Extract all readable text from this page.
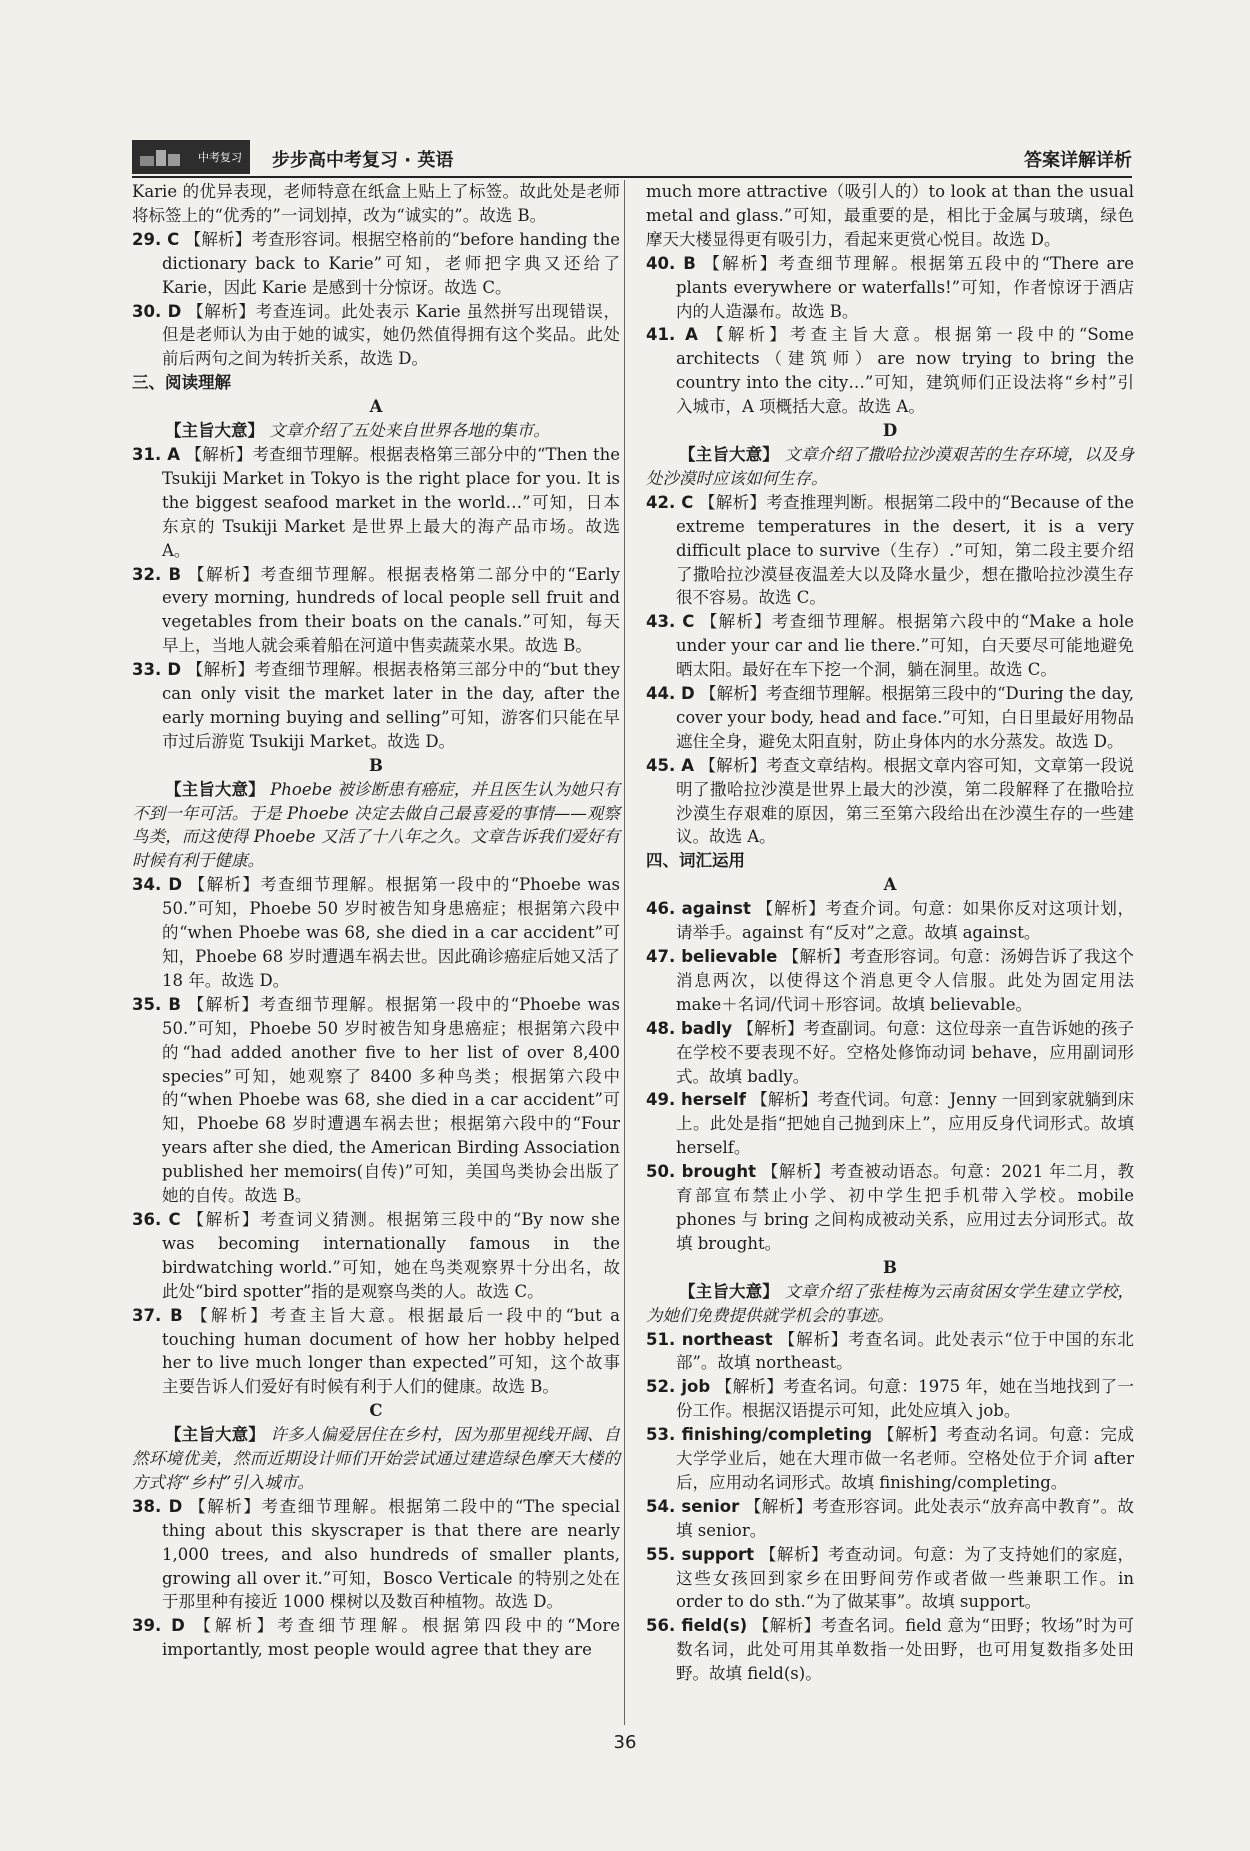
中考复习 步步高中考复习 · 英语	答案详解详析

Karie 的优异表现，老师特意在纸盒上贴上了标签。故此处是老师将标签上的“优秀的”一词划掉，改为“诚实的”。故选 B。

29. C 【解析】考查形容词。根据空格前的“before handing the dictionary back to Karie”可知，老师把字典又还给了 Karie，因此 Karie 是感到十分惊讶。故选 C。

30. D 【解析】考查连词。此处表示 Karie 虽然拼写出现错误，但是老师认为由于她的诚实，她仍然值得拥有这个奖品。此处前后两句之间为转折关系，故选 D。

三、阅读理解

A

【主旨大意】 文章介绍了五处来自世界各地的集市。

31. A 【解析】考查细节理解。根据表格第三部分中的“Then the Tsukiji Market in Tokyo is the right place for you. It is the biggest seafood market in the world…”可知，日本东京的 Tsukiji Market 是世界上最大的海产品市场。故选 A。

32. B 【解析】考查细节理解。根据表格第二部分中的“Early every morning, hundreds of local people sell fruit and vegetables from their boats on the canals.”可知，每天早上，当地人就会乘着船在河道中售卖蔬菜水果。故选 B。

33. D 【解析】考查细节理解。根据表格第三部分中的“but they can only visit the market later in the day, after the early morning buying and selling”可知，游客们只能在早市过后游览 Tsukiji Market。故选 D。

B

【主旨大意】 Phoebe 被诊断患有癌症，并且医生认为她只有不到一年可活。于是 Phoebe 决定去做自己最喜爱的事情——观察鸟类，而这使得 Phoebe 又活了十八年之久。文章告诉我们爱好有时候有利于健康。

34. D 【解析】考查细节理解。根据第一段中的“Phoebe was 50.”可知，Phoebe 50 岁时被告知身患癌症；根据第六段中的“when Phoebe was 68, she died in a car accident”可知，Phoebe 68 岁时遭遇车祸去世。因此确诊癌症后她又活了 18 年。故选 D。

35. B 【解析】考查细节理解。根据第一段中的“Phoebe was 50.”可知，Phoebe 50 岁时被告知身患癌症；根据第六段中的“had added another five to her list of over 8,400 species”可知，她观察了 8400 多种鸟类；根据第六段中的“when Phoebe was 68, she died in a car accident”可知，Phoebe 68 岁时遭遇车祸去世；根据第六段中的“Four years after she died, the American Birding Association published her memoirs(自传)”可知，美国鸟类协会出版了她的自传。故选 B。

36. C 【解析】考查词义猜测。根据第三段中的“By now she was becoming internationally famous in the birdwatching world.”可知，她在鸟类观察界十分出名，故此处“bird spotter”指的是观察鸟类的人。故选 C。

37. B 【解析】考查主旨大意。根据最后一段中的“but a touching human document of how her hobby helped her to live much longer than expected”可知，这个故事主要告诉人们爱好有时候有利于人们的健康。故选 B。

C

【主旨大意】 许多人偏爱居住在乡村，因为那里视线开阔、自然环境优美，然而近期设计师们开始尝试通过建造绿色摩天大楼的方式将“乡村”引入城市。

38. D 【解析】考查细节理解。根据第二段中的“The special thing about this skyscraper is that there are nearly 1,000 trees, and also hundreds of smaller plants, growing all over it.”可知，Bosco Verticale 的特别之处在于那里种有接近 1000 棵树以及数百种植物。故选 D。

39. D 【解析】考查细节理解。根据第四段中的“More importantly, most people would agree that they are

much more attractive（吸引人的）to look at than the usual metal and glass.”可知，最重要的是，相比于金属与玻璃，绿色摩天大楼显得更有吸引力，看起来更赏心悦目。故选 D。

40. B 【解析】考查细节理解。根据第五段中的“There are plants everywhere or waterfalls!”可知，作者惊讶于酒店内的人造瀑布。故选 B。

41. A 【解析】考查主旨大意。根据第一段中的“Some architects（建筑师）are now trying to bring the country into the city…”可知，建筑师们正设法将“乡村”引入城市，A 项概括大意。故选 A。

D

【主旨大意】 文章介绍了撒哈拉沙漠艰苦的生存环境，以及身处沙漠时应该如何生存。

42. C 【解析】考查推理判断。根据第二段中的“Because of the extreme temperatures in the desert, it is a very difficult place to survive（生存）.”可知，第二段主要介绍了撒哈拉沙漠昼夜温差大以及降水量少，想在撒哈拉沙漠生存很不容易。故选 C。

43. C 【解析】考查细节理解。根据第六段中的“Make a hole under your car and lie there.”可知，白天要尽可能地避免晒太阳。最好在车下挖一个洞，躺在洞里。故选 C。

44. D 【解析】考查细节理解。根据第三段中的“During the day, cover your body, head and face.”可知，白日里最好用物品遮住全身，避免太阳直射，防止身体内的水分蒸发。故选 D。

45. A 【解析】考查文章结构。根据文章内容可知，文章第一段说明了撒哈拉沙漠是世界上最大的沙漠，第二段解释了在撒哈拉沙漠生存艰难的原因，第三至第六段给出在沙漠生存的一些建议。故选 A。

四、词汇运用

A

46. against 【解析】考查介词。句意：如果你反对这项计划，请举手。against 有“反对”之意。故填 against。

47. believable 【解析】考查形容词。句意：汤姆告诉了我这个消息两次，以使得这个消息更令人信服。此处为固定用法 make＋名词/代词＋形容词。故填 believable。

48. badly 【解析】考查副词。句意：这位母亲一直告诉她的孩子在学校不要表现不好。空格处修饰动词 behave，应用副词形式。故填 badly。

49. herself 【解析】考查代词。句意：Jenny 一回到家就躺到床上。此处是指“把她自己抛到床上”，应用反身代词形式。故填 herself。

50. brought 【解析】考查被动语态。句意：2021 年二月，教育部宣布禁止小学、初中学生把手机带入学校。mobile phones 与 bring 之间构成被动关系，应用过去分词形式。故填 brought。

B

【主旨大意】 文章介绍了张桂梅为云南贫困女学生建立学校，为她们免费提供就学机会的事迹。

51. northeast 【解析】考查名词。此处表示“位于中国的东北部”。故填 northeast。

52. job 【解析】考查名词。句意：1975 年，她在当地找到了一份工作。根据汉语提示可知，此处应填入 job。

53. finishing/completing 【解析】考查动名词。句意：完成大学学业后，她在大理市做一名老师。空格处位于介词 after 后，应用动名词形式。故填 finishing/completing。

54. senior 【解析】考查形容词。此处表示“放弃高中教育”。故填 senior。

55. support 【解析】考查动词。句意：为了支持她们的家庭，这些女孩回到家乡在田野间劳作或者做一些兼职工作。in order to do sth.“为了做某事”。故填 support。

56. field(s) 【解析】考查名词。field 意为“田野；牧场”时为可数名词，此处可用其单数指一处田野，也可用复数指多处田野。故填 field(s)。

36
